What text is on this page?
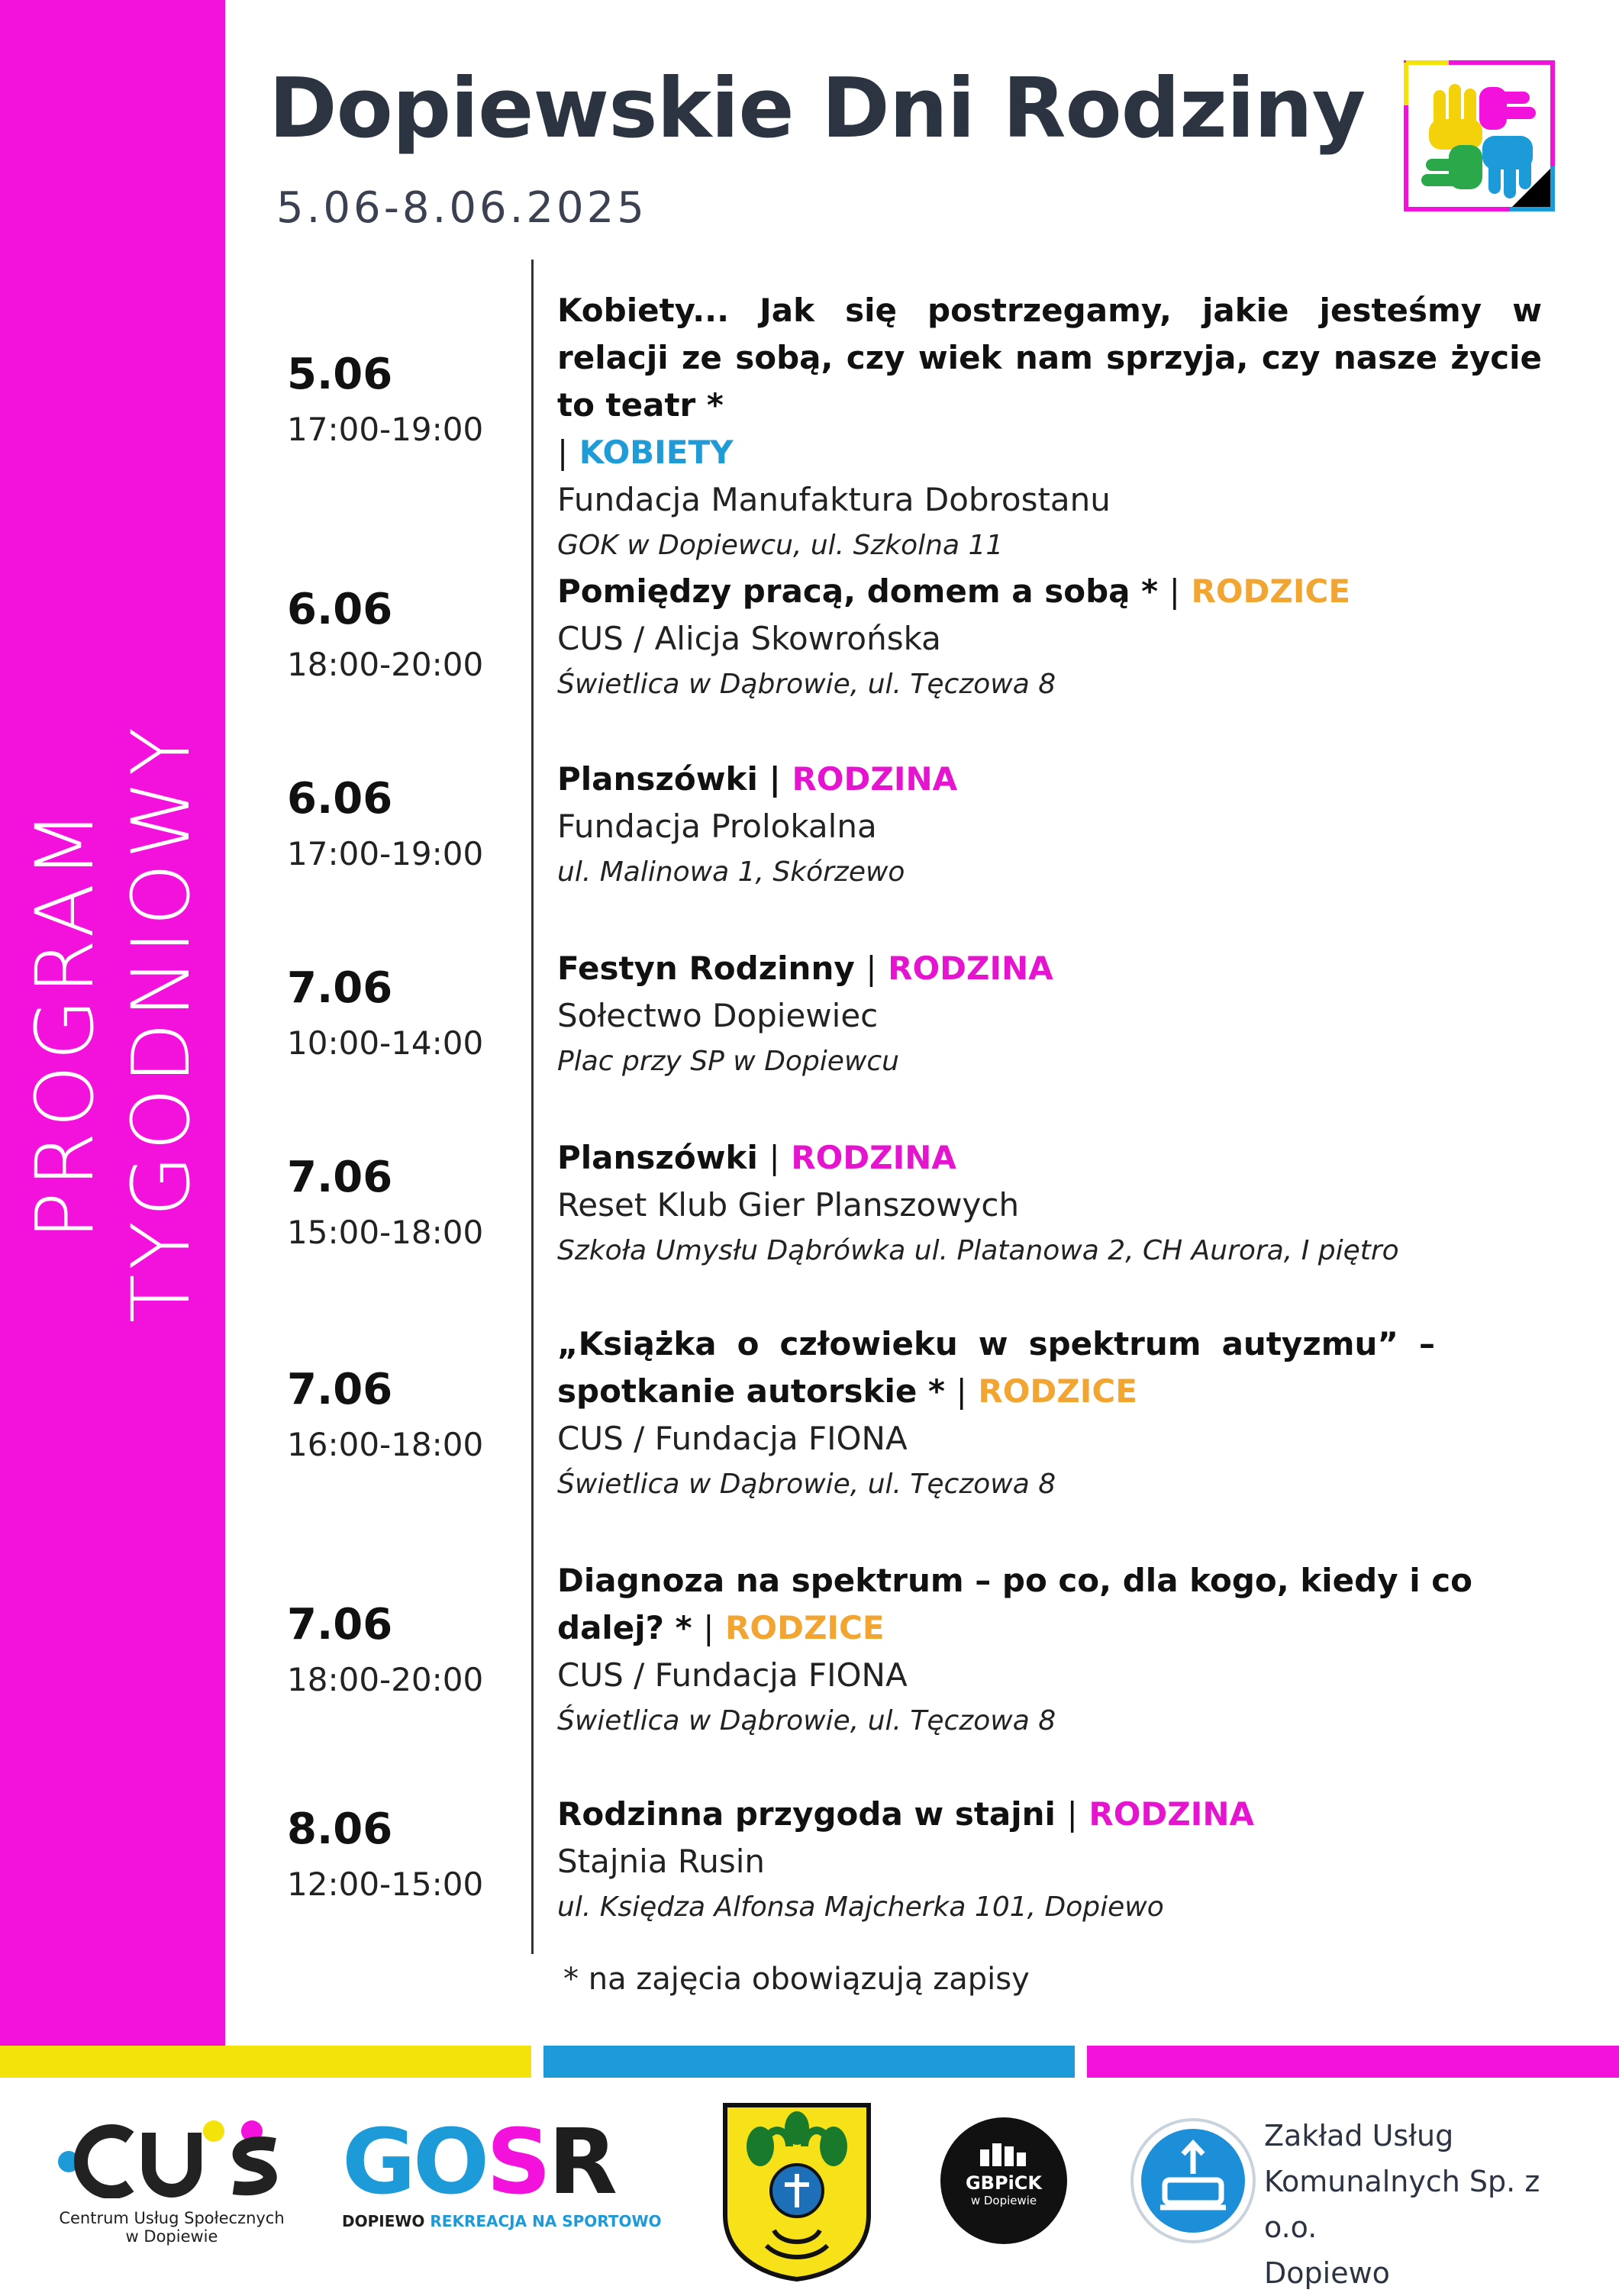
PROGRAM TYGODNIOWY
Dopiewskie Dni Rodziny
5.06-8.06.2025
5.06
17:00-19:00
Kobiety... Jak się postrzegamy, jakie jesteśmy w relacji ze sobą, czy wiek nam sprzyja, czy nasze życie to teatr *
| KOBIETY
Fundacja Manufaktura Dobrostanu
GOK w Dopiewcu, ul. Szkolna 11
6.06
18:00-20:00
Pomiędzy pracą, domem a sobą * | RODZICE
CUS / Alicja Skowrońska
Świetlica w Dąbrowie, ul. Tęczowa 8
6.06
17:00-19:00
Planszówki | RODZINA
Fundacja Prolokalna
ul. Malinowa 1, Skórzewo
7.06
10:00-14:00
Festyn Rodzinny | RODZINA
Sołectwo Dopiewiec
Plac przy SP w Dopiewcu
7.06
15:00-18:00
Planszówki | RODZINA
Reset Klub Gier Planszowych
Szkoła Umysłu Dąbrówka ul. Platanowa 2, CH Aurora, I piętro
7.06
16:00-18:00
„Książka o człowieku w spektrum autyzmu” – spotkanie autorskie * | RODZICE
CUS / Fundacja FIONA
Świetlica w Dąbrowie, ul. Tęczowa 8
7.06
18:00-20:00
Diagnoza na spektrum – po co, dla kogo, kiedy i co dalej? * | RODZICE
CUS / Fundacja FIONA
Świetlica w Dąbrowie, ul. Tęczowa 8
8.06
12:00-15:00
Rodzinna przygoda w stajni | RODZINA
Stajnia Rusin
ul. Księdza Alfonsa Majcherka 101, Dopiewo
* na zajęcia obowiązują zapisy
Centrum Usług Społecznych
w Dopiewie
GOSR
DOPIEWO REKREACJA NA SPORTOWO
GBPiCK
w Dopiewie
Zakład Usług
Komunalnych Sp. z o.o.
Dopiewo
